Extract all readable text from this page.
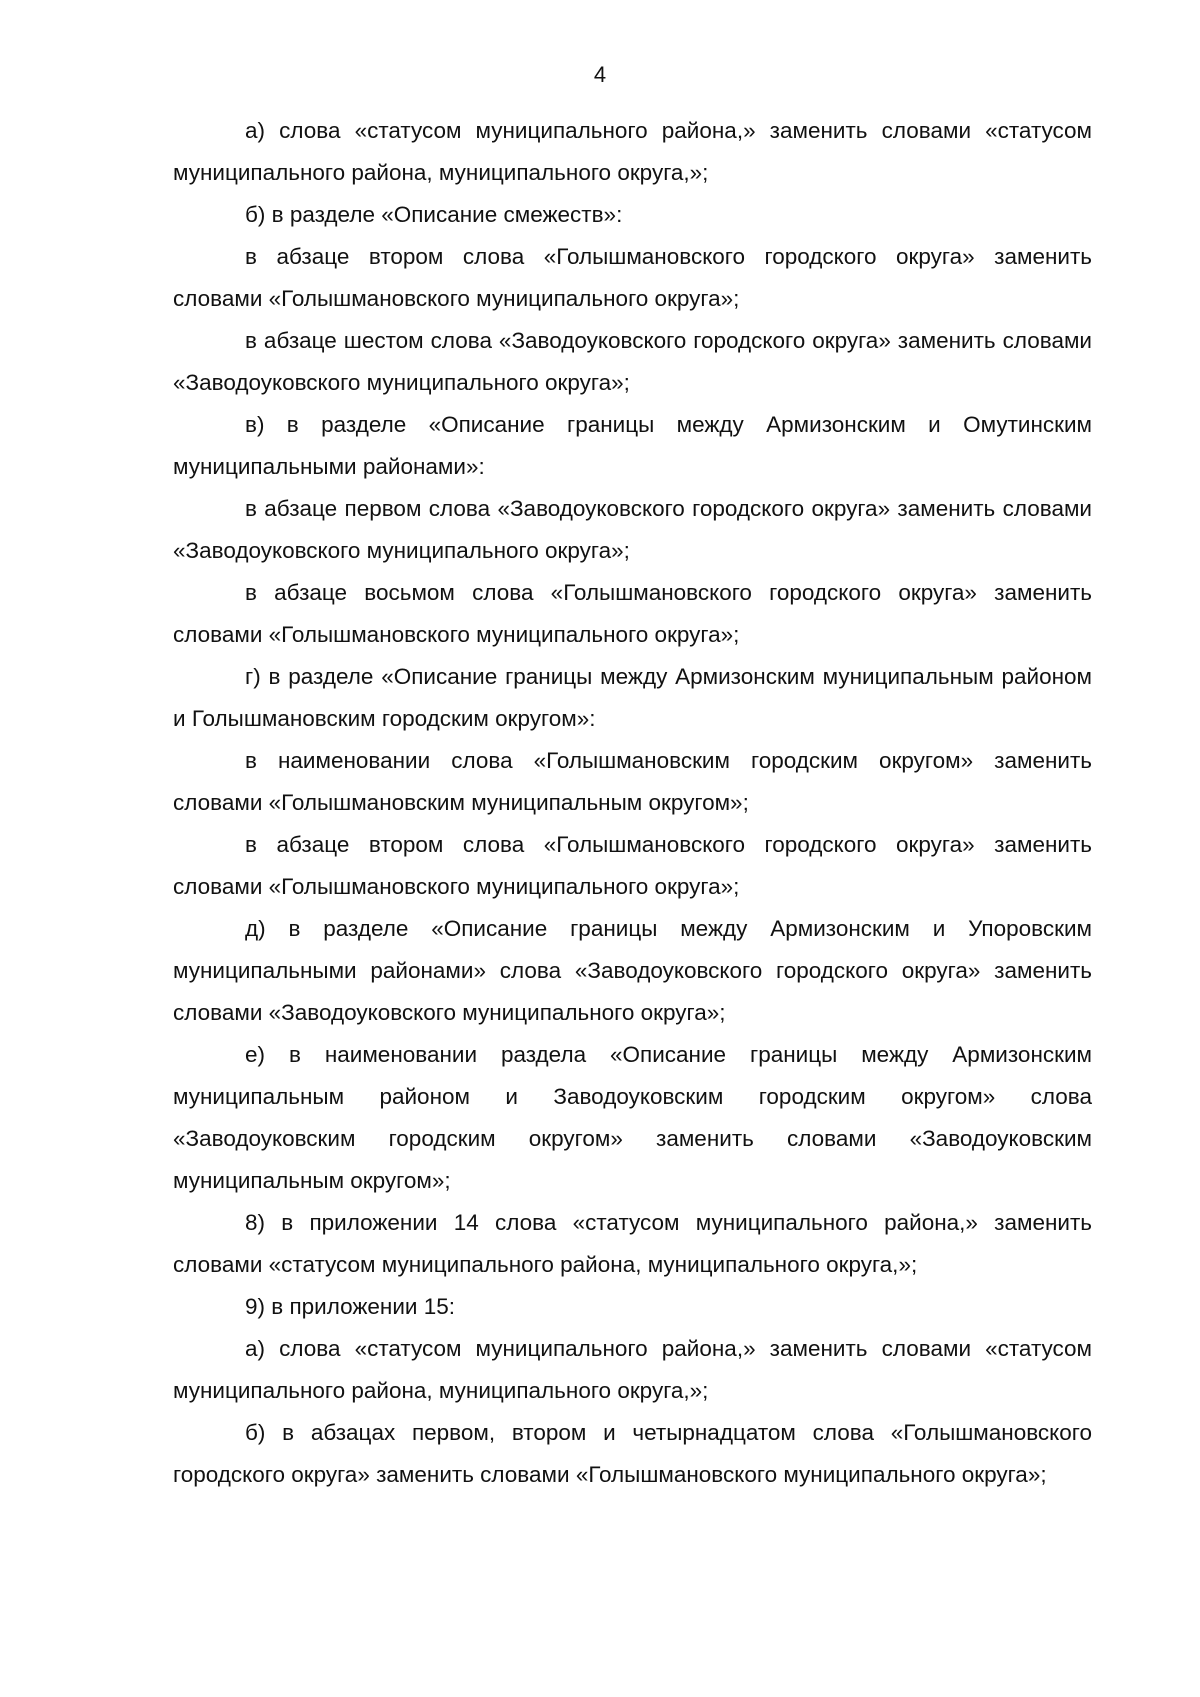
4

а) слова «статусом муниципального района,» заменить словами «статусом муниципального района, муниципального округа,»;

б) в разделе «Описание смежеств»:

в абзаце втором слова «Голышмановского городского округа» заменить словами «Голышмановского муниципального округа»;

в абзаце шестом слова «Заводоуковского городского округа» заменить словами «Заводоуковского муниципального округа»;

в) в разделе «Описание границы между Армизонским и Омутинским муниципальными районами»:

в абзаце первом слова «Заводоуковского городского округа» заменить словами «Заводоуковского муниципального округа»;

в абзаце восьмом слова «Голышмановского городского округа» заменить словами «Голышмановского муниципального округа»;

г) в разделе «Описание границы между Армизонским муниципальным районом и Голышмановским городским округом»:

в наименовании слова «Голышмановским городским округом» заменить словами «Голышмановским муниципальным округом»;

в абзаце втором слова «Голышмановского городского округа» заменить словами «Голышмановского муниципального округа»;

д) в разделе «Описание границы между Армизонским и Упоровским муниципальными районами» слова «Заводоуковского городского округа» заменить словами «Заводоуковского муниципального округа»;

е) в наименовании раздела «Описание границы между Армизонским муниципальным районом и Заводоуковским городским округом» слова «Заводоуковским городским округом» заменить словами «Заводоуковским муниципальным округом»;

8) в приложении 14 слова «статусом муниципального района,» заменить словами «статусом муниципального района, муниципального округа,»;

9) в приложении 15:

а) слова «статусом муниципального района,» заменить словами «статусом муниципального района, муниципального округа,»;

б) в абзацах первом, втором и четырнадцатом слова «Голышмановского городского округа» заменить словами «Голышмановского муниципального округа»;
